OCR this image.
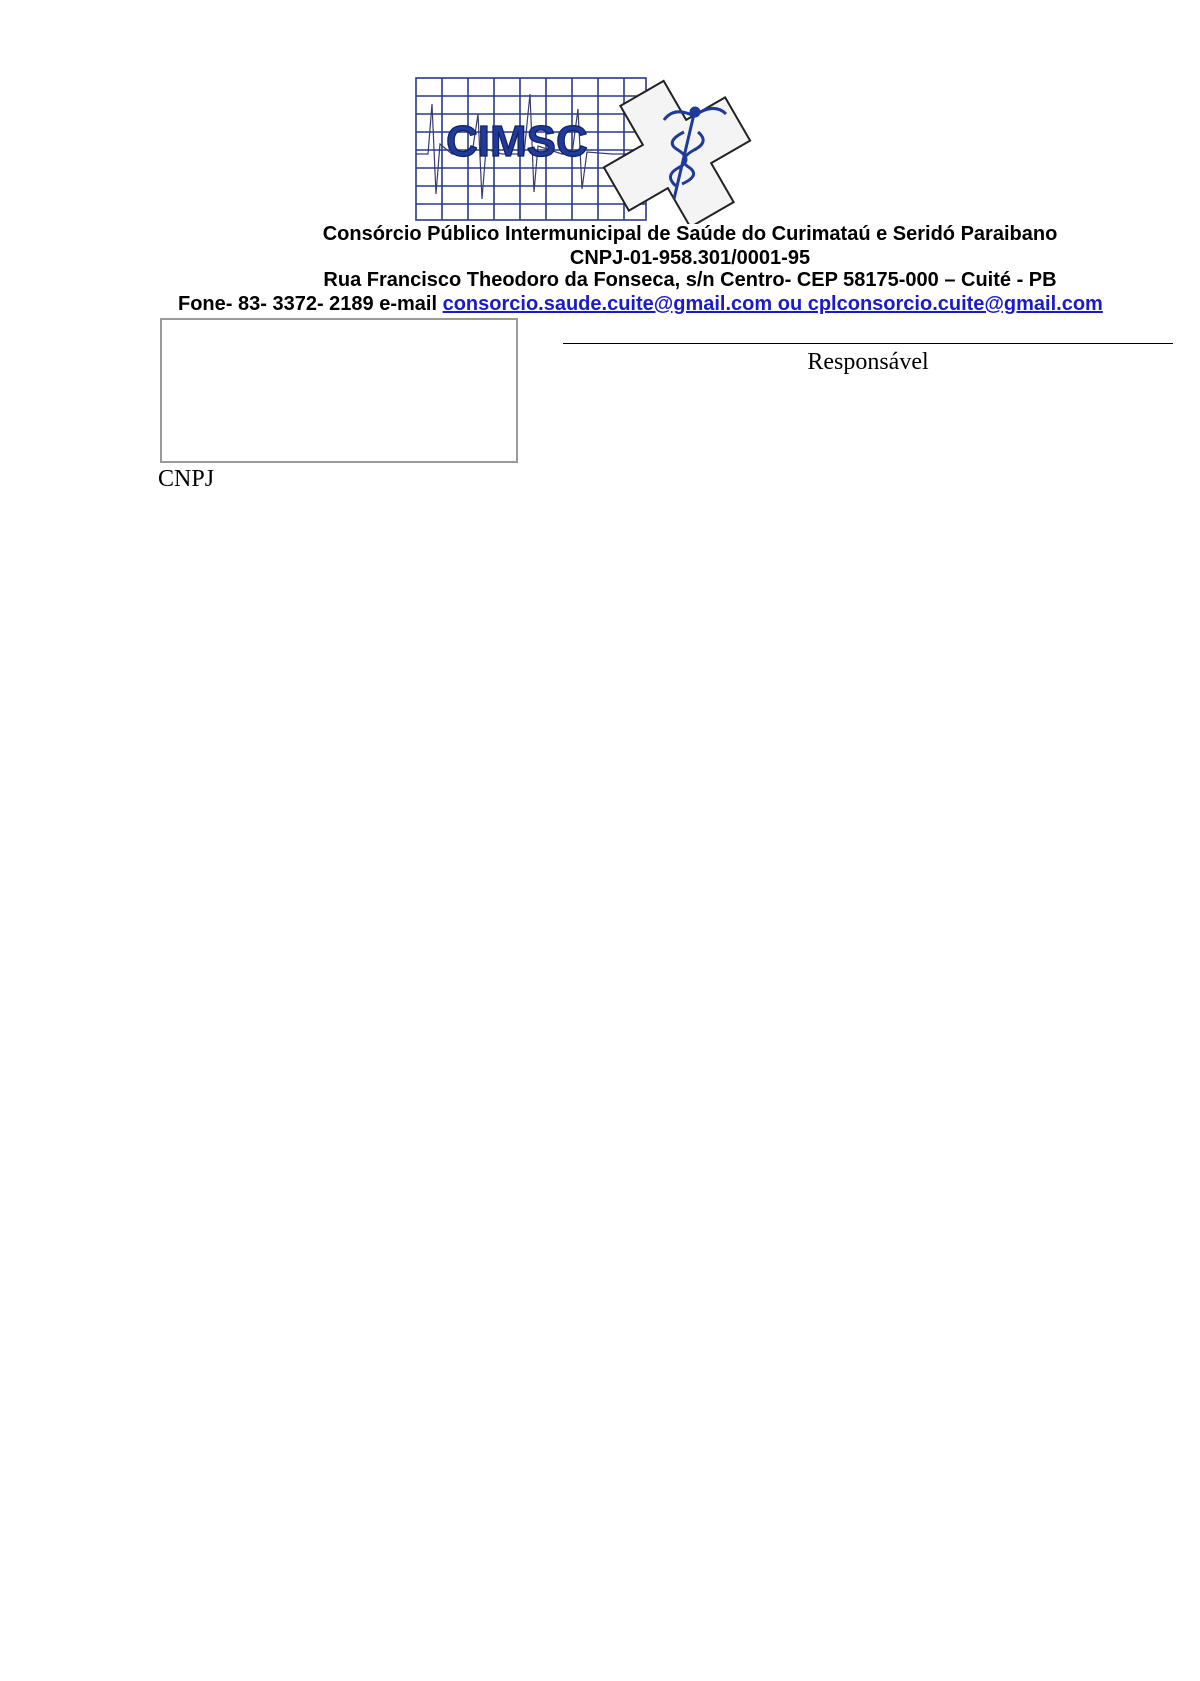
CIMSC
Consórcio Público Intermunicipal de Saúde do Curimataú e Seridó Paraibano
CNPJ-01-958.301/0001-95
Rua Francisco Theodoro da Fonseca, s/n Centro- CEP 58175-000 – Cuité - PB
Fone- 83- 3372- 2189 e-mail consorcio.saude.cuite@gmail.com ou cplconsorcio.cuite@gmail.com
Responsável
CNPJ
